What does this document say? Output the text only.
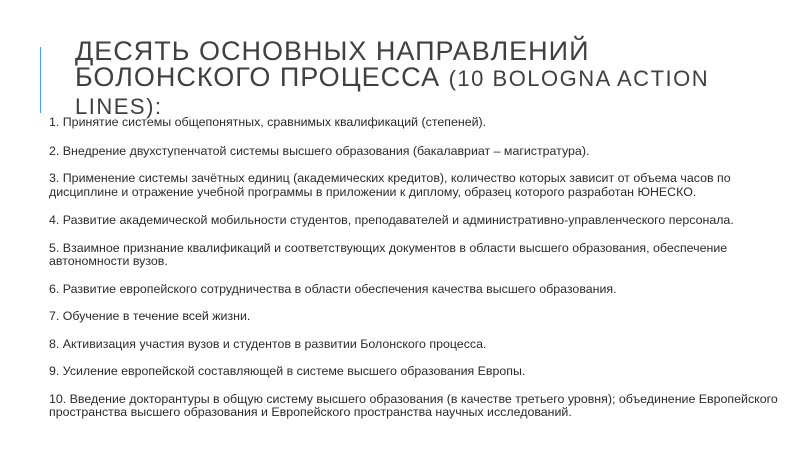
ДЕСЯТЬ ОСНОВНЫХ НАПРАВЛЕНИЙ БОЛОНСКОГО ПРОЦЕССА (10 BOLOGNA ACTION LINES):
1. Принятие системы общепонятных, сравнимых квалификаций (степеней).
2. Внедрение двухступенчатой системы высшего образования (бакалавриат – магистратура).
3. Применение системы зачётных единиц (академических кредитов), количество которых зависит от объема часов по дисциплине и отражение учебной программы в приложении к диплому, образец которого разработан ЮНЕСКО.
4. Развитие академической мобильности студентов, преподавателей и административно-управленческого персонала.
5. Взаимное признание квалификаций и соответствующих документов в области высшего образования, обеспечение автономности вузов.
6. Развитие европейского сотрудничества в области обеспечения качества высшего образования.
7. Обучение в течение всей жизни.
8. Активизация участия вузов и студентов в развитии Болонского процесса.
9. Усиление европейской составляющей в системе высшего образования Европы.
10. Введение докторантуры в общую систему высшего образования (в качестве третьего уровня); объединение Европейского пространства высшего образования и Европейского пространства научных исследований.
